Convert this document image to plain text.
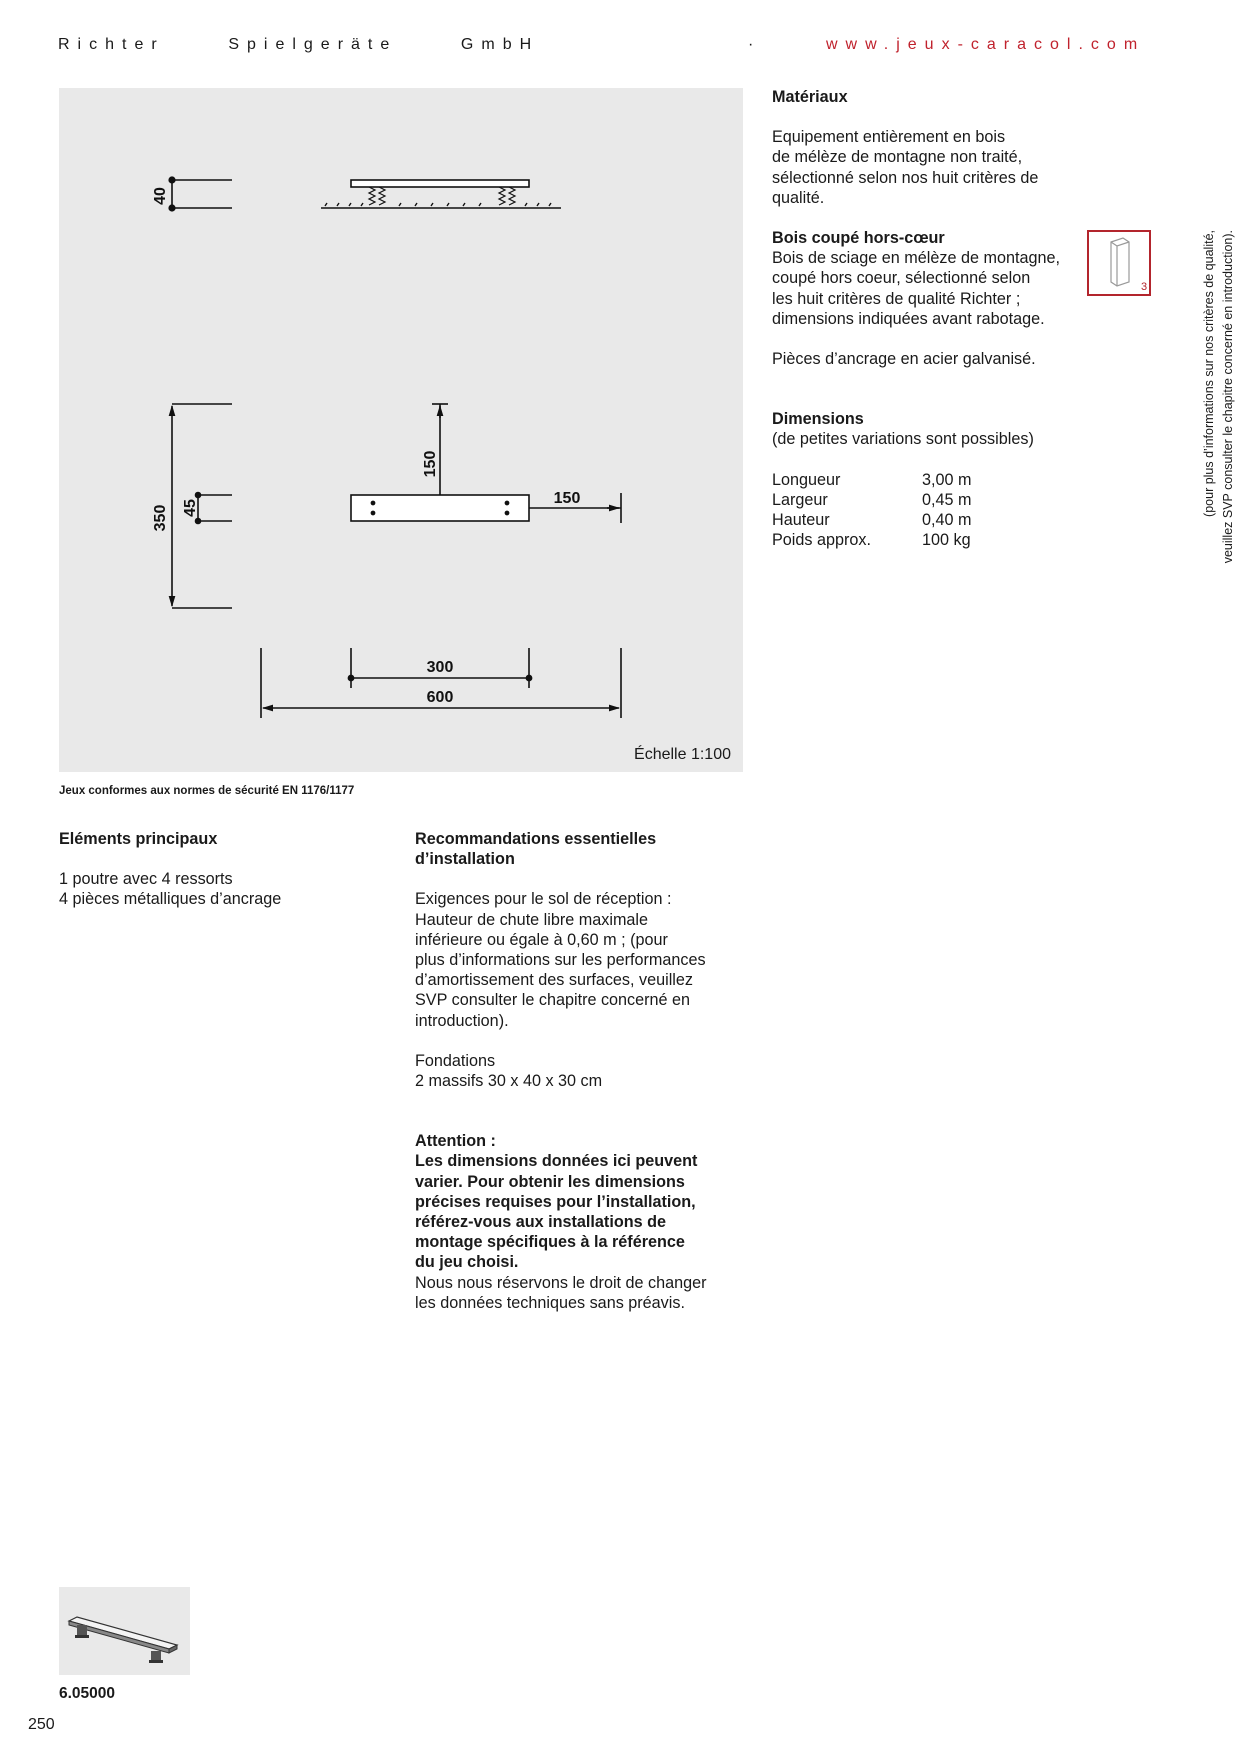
Richter Spielgeräte GmbH	·	www.jeux-caracol.com
40
350 45
150
150
300
600
Échelle 1:100
Jeux conformes aux normes de sécurité EN 1176/1177
Eléments principaux
1 poutre avec 4 ressorts
4 pièces métalliques d’ancrage
Recommandations essentielles
d’installation
Exigences pour le sol de réception :
Hauteur de chute libre maximale
inférieure ou égale à 0,60 m ; (pour
plus d’informations sur les performances
d’amortissement des surfaces, veuillez
SVP consulter le chapitre concerné en
introduction).
Fondations
2 massifs 30 x 40 x 30 cm
Attention :
Les dimensions données ici peuvent
varier. Pour obtenir les dimensions
précises requises pour l’installation,
référez-vous aux installations de
montage spécifiques à la référence
du jeu choisi.
Nous nous réservons le droit de changer
les données techniques sans préavis.
Matériaux
Equipement entièrement en bois
de mélèze de montagne non traité,
sélectionné selon nos huit critères de
qualité.
Bois coupé hors-cœur
Bois de sciage en mélèze de montagne,
coupé hors coeur, sélectionné selon
les huit critères de qualité Richter ;
dimensions indiquées avant rabotage.
Pièces d’ancrage en acier galvanisé.
Dimensions
(de petites variations sont possibles)
Longueur	3,00 m
Largeur	0,45 m
Hauteur	0,40 m
Poids approx.	100 kg
3	(pour plus d’informations sur nos critères de qualité, veuillez SVP consulter le chapitre concerné en introduction).
6.05000
250
